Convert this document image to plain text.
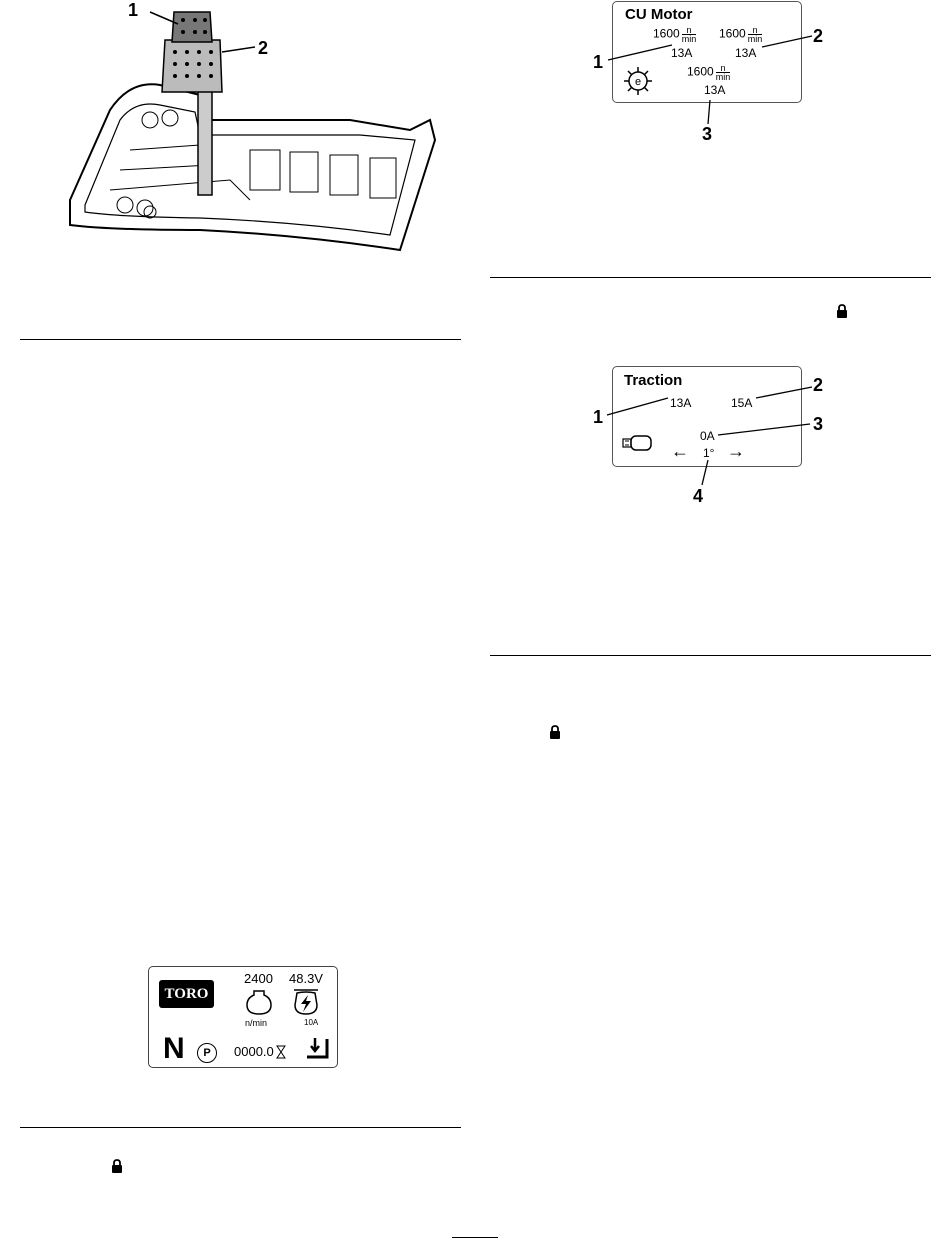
1
2
TORO
2400
n/min
48.3V
10A
N	P	0000.0
CU Motor
$1600 \frac{n}{\min}$
13A
$1600 \frac{n}{\min}$
13A
e
$1600 \frac{n}{\min}$
13A
1
2
3
Traction
13A	15A
0A
1°
← →
1
2
3
4
